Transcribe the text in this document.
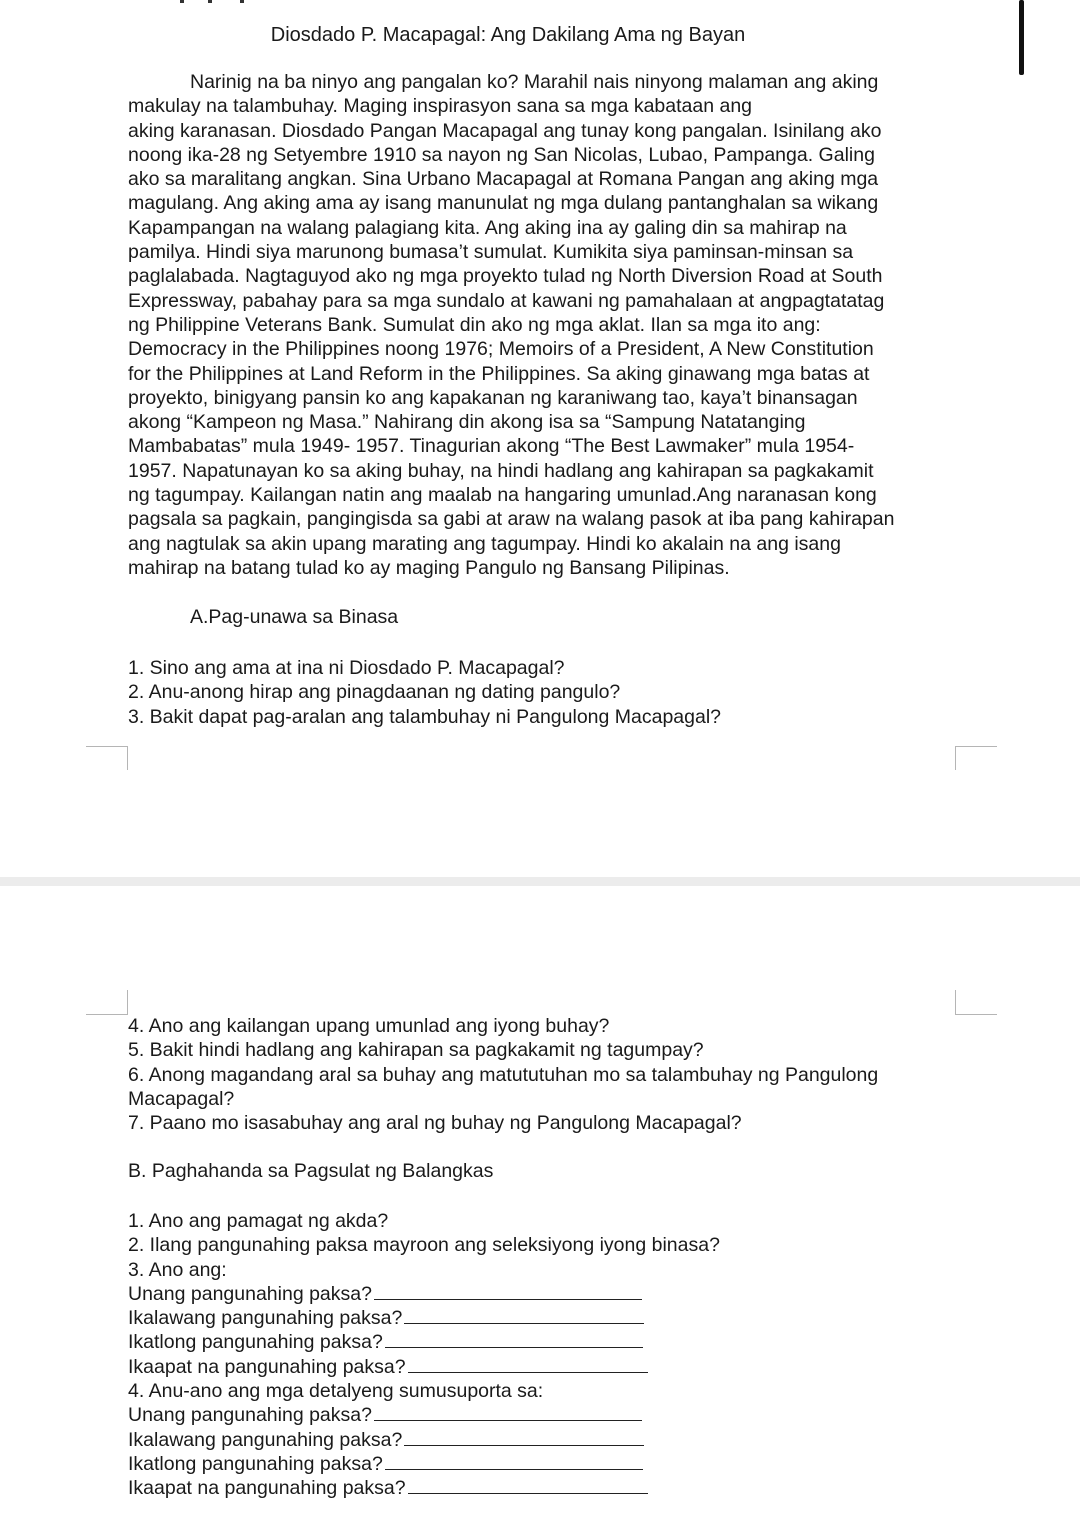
Diosdado P. Macapagal: Ang Dakilang Ama ng Bayan
Narinig na ba ninyo ang pangalan ko? Marahil nais ninyong malaman ang aking
makulay na talambuhay. Maging inspirasyon sana sa mga kabataan ang
aking karanasan. Diosdado Pangan Macapagal ang tunay kong pangalan. Isinilang ako
noong ika-28 ng Setyembre 1910 sa nayon ng San Nicolas, Lubao, Pampanga. Galing
ako sa maralitang angkan. Sina Urbano Macapagal at Romana Pangan ang aking mga
magulang. Ang aking ama ay isang manunulat ng mga dulang pantanghalan sa wikang
Kapampangan na walang palagiang kita. Ang aking ina ay galing din sa mahirap na
pamilya. Hindi siya marunong bumasa’t sumulat. Kumikita siya paminsan-minsan sa
paglalabada. Nagtaguyod ako ng mga proyekto tulad ng North Diversion Road at South
Expressway, pabahay para sa mga sundalo at kawani ng pamahalaan at angpagtatatag
ng Philippine Veterans Bank. Sumulat din ako ng mga aklat. Ilan sa mga ito ang:
Democracy in the Philippines noong 1976; Memoirs of a President, A New Constitution
for the Philippines at Land Reform in the Philippines. Sa aking ginawang mga batas at
proyekto, binigyang pansin ko ang kapakanan ng karaniwang tao, kaya’t binansagan
akong “Kampeon ng Masa.” Nahirang din akong isa sa “Sampung Natatanging
Mambabatas” mula 1949- 1957. Tinagurian akong “The Best Lawmaker” mula 1954-
1957. Napatunayan ko sa aking buhay, na hindi hadlang ang kahirapan sa pagkakamit
ng tagumpay. Kailangan natin ang maalab na hangaring umunlad.Ang naranasan kong
pagsala sa pagkain, pangingisda sa gabi at araw na walang pasok at iba pang kahirapan
ang nagtulak sa akin upang marating ang tagumpay. Hindi ko akalain na ang isang
mahirap na batang tulad ko ay maging Pangulo ng Bansang Pilipinas.
A.Pag-unawa sa Binasa
1. Sino ang ama at ina ni Diosdado P. Macapagal?
2. Anu-anong hirap ang pinagdaanan ng dating pangulo?
3. Bakit dapat pag-aralan ang talambuhay ni Pangulong Macapagal?
4. Ano ang kailangan upang umunlad ang iyong buhay?
5. Bakit hindi hadlang ang kahirapan sa pagkakamit ng tagumpay?
6. Anong magandang aral sa buhay ang matututuhan mo sa talambuhay ng Pangulong
Macapagal?
7. Paano mo isasabuhay ang aral ng buhay ng Pangulong Macapagal?
B. Paghahanda sa Pagsulat ng Balangkas
1. Ano ang pamagat ng akda?
2. Ilang pangunahing paksa mayroon ang seleksiyong iyong binasa?
3. Ano ang:
Unang pangunahing paksa?
Ikalawang pangunahing paksa?
Ikatlong pangunahing paksa?
Ikaapat na pangunahing paksa?
4. Anu-ano ang mga detalyeng sumusuporta sa:
Unang pangunahing paksa?
Ikalawang pangunahing paksa?
Ikatlong pangunahing paksa?
Ikaapat na pangunahing paksa?
